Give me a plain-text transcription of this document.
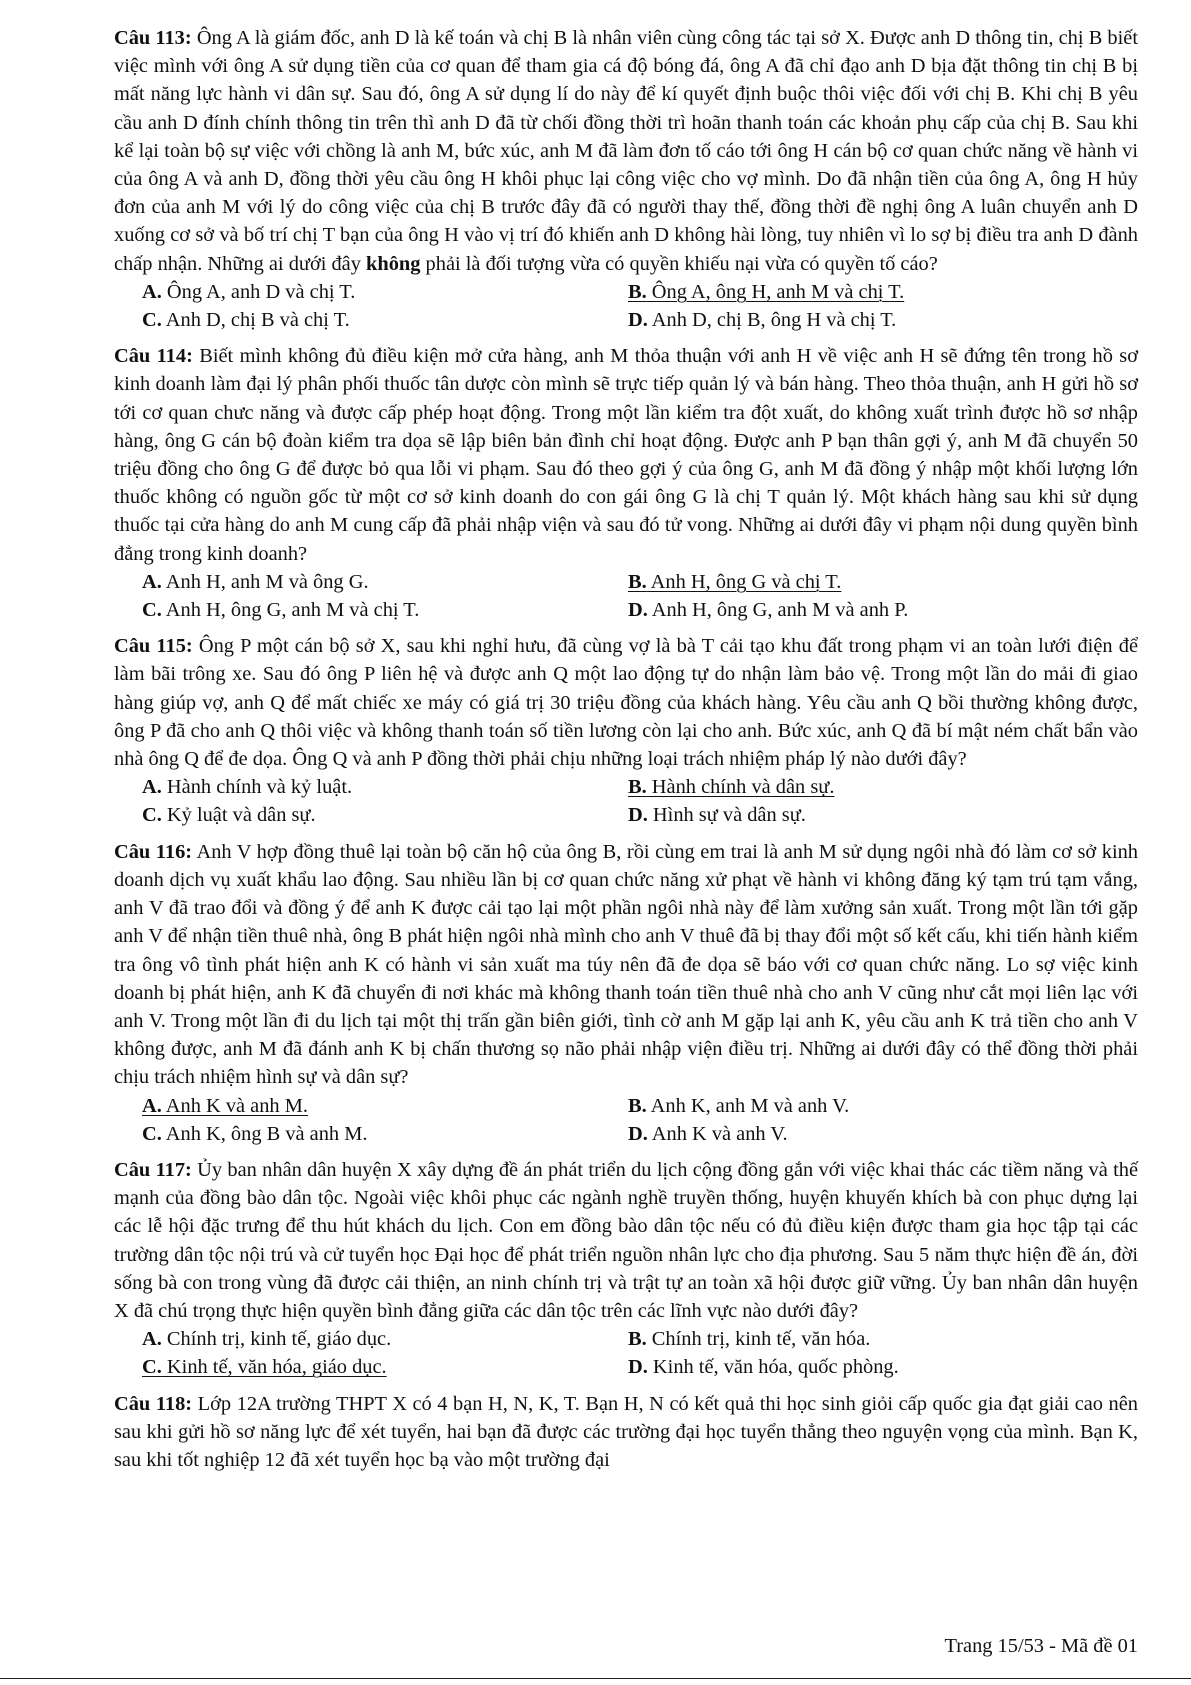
Câu 113: Ông A là giám đốc, anh D là kế toán và chị B là nhân viên cùng công tác tại sở X. Được anh D thông tin, chị B biết việc mình với ông A sử dụng tiền của cơ quan để tham gia cá độ bóng đá, ông A đã chỉ đạo anh D bịa đặt thông tin chị B bị mất năng lực hành vi dân sự. Sau đó, ông A sử dụng lí do này để kí quyết định buộc thôi việc đối với chị B. Khi chị B yêu cầu anh D đính chính thông tin trên thì anh D đã từ chối đồng thời trì hoãn thanh toán các khoản phụ cấp của chị B. Sau khi kể lại toàn bộ sự việc với chồng là anh M, bức xúc, anh M đã làm đơn tố cáo tới ông H cán bộ cơ quan chức năng về hành vi của ông A và anh D, đồng thời yêu cầu ông H khôi phục lại công việc cho vợ mình. Do đã nhận tiền của ông A, ông H hủy đơn của anh M với lý do công việc của chị B trước đây đã có người thay thế, đồng thời đề nghị ông A luân chuyển anh D xuống cơ sở và bố trí chị T bạn của ông H vào vị trí đó khiến anh D không hài lòng, tuy nhiên vì lo sợ bị điều tra anh D đành chấp nhận. Những ai dưới đây không phải là đối tượng vừa có quyền khiếu nại vừa có quyền tố cáo?

A. Ông A, anh D và chị T.	B. Ông A, ông H, anh M và chị T.
C. Anh D, chị B và chị T.	D. Anh D, chị B, ông H và chị T.

Câu 114: Biết mình không đủ điều kiện mở cửa hàng, anh M thỏa thuận với anh H về việc anh H sẽ đứng tên trong hồ sơ kinh doanh làm đại lý phân phối thuốc tân dược còn mình sẽ trực tiếp quản lý và bán hàng. Theo thỏa thuận, anh H gửi hồ sơ tới cơ quan chưc năng và được cấp phép hoạt động. Trong một lần kiểm tra đột xuất, do không xuất trình được hồ sơ nhập hàng, ông G cán bộ đoàn kiểm tra dọa sẽ lập biên bản đình chỉ hoạt động. Được anh P bạn thân gợi ý, anh M đã chuyển 50 triệu đồng cho ông G để được bỏ qua lỗi vi phạm. Sau đó theo gợi ý của ông G, anh M đã đồng ý nhập một khối lượng lớn thuốc không có nguồn gốc từ một cơ sở kinh doanh do con gái ông G là chị T quản lý. Một khách hàng sau khi sử dụng thuốc tại cửa hàng do anh M cung cấp đã phải nhập viện và sau đó tử vong. Những ai dưới đây vi phạm nội dung quyền bình đẳng trong kinh doanh?

A. Anh H, anh M và ông G.	B. Anh H, ông G và chị T.
C. Anh H, ông G, anh M và chị T.	D. Anh H, ông G, anh M và anh P.

Câu 115: Ông P một cán bộ sở X, sau khi nghỉ hưu, đã cùng vợ là bà T cải tạo khu đất trong phạm vi an toàn lưới điện để làm bãi trông xe. Sau đó ông P liên hệ và được anh Q một lao động tự do nhận làm bảo vệ. Trong một lần do mải đi giao hàng giúp vợ, anh Q để mất chiếc xe máy có giá trị 30 triệu đồng của khách hàng. Yêu cầu anh Q bồi thường không được, ông P đã cho anh Q thôi việc và không thanh toán số tiền lương còn lại cho anh. Bức xúc, anh Q đã bí mật ném chất bẩn vào nhà ông Q để đe dọa. Ông Q và anh P đồng thời phải chịu những loại trách nhiệm pháp lý nào dưới đây?

A. Hành chính và kỷ luật.	B. Hành chính và dân sự.
C. Kỷ luật và dân sự.	D. Hình sự và dân sự.

Câu 116: Anh V hợp đồng thuê lại toàn bộ căn hộ của ông B, rồi cùng em trai là anh M sử dụng ngôi nhà đó làm cơ sở kinh doanh dịch vụ xuất khẩu lao động. Sau nhiều lần bị cơ quan chức năng xử phạt về hành vi không đăng ký tạm trú tạm vắng, anh V đã trao đổi và đồng ý để anh K được cải tạo lại một phần ngôi nhà này để làm xưởng sản xuất. Trong một lần tới gặp anh V để nhận tiền thuê nhà, ông B phát hiện ngôi nhà mình cho anh V thuê đã bị thay đổi một số kết cấu, khi tiến hành kiểm tra ông vô tình phát hiện anh K có hành vi sản xuất ma túy nên đã đe dọa sẽ báo với cơ quan chức năng. Lo sợ việc kinh doanh bị phát hiện, anh K đã chuyển đi nơi khác mà không thanh toán tiền thuê nhà cho anh V cũng như cắt mọi liên lạc với anh V. Trong một lần đi du lịch tại một thị trấn gần biên giới, tình cờ anh M gặp lại anh K, yêu cầu anh K trả tiền cho anh V không được, anh M đã đánh anh K bị chấn thương sọ não phải nhập viện điều trị. Những ai dưới đây có thể đồng thời phải chịu trách nhiệm hình sự và dân sự?

A. Anh K và anh M.	B. Anh K, anh M và anh V.
C. Anh K, ông B và anh M.	D. Anh K và anh V.

Câu 117: Ủy ban nhân dân huyện X xây dựng đề án phát triển du lịch cộng đồng gắn với việc khai thác các tiềm năng và thế mạnh của đồng bào dân tộc. Ngoài việc khôi phục các ngành nghề truyền thống, huyện khuyến khích bà con phục dựng lại các lễ hội đặc trưng để thu hút khách du lịch. Con em đồng bào dân tộc nếu có đủ điều kiện được tham gia học tập tại các trường dân tộc nội trú và cử tuyển học Đại học để phát triển nguồn nhân lực cho địa phương. Sau 5 năm thực hiện đề án, đời sống bà con trong vùng đã được cải thiện, an ninh chính trị và trật tự an toàn xã hội được giữ vững. Ủy ban nhân dân huyện X đã chú trọng thực hiện quyền bình đẳng giữa các dân tộc trên các lĩnh vực nào dưới đây?

A. Chính trị, kinh tế, giáo dục.	B. Chính trị, kinh tế, văn hóa.
C. Kinh tế, văn hóa, giáo dục.	D. Kinh tế, văn hóa, quốc phòng.

Câu 118: Lớp 12A trường THPT X có 4 bạn H, N, K, T. Bạn H, N có kết quả thi học sinh giỏi cấp quốc gia đạt giải cao nên sau khi gửi hồ sơ năng lực để xét tuyển, hai bạn đã được các trường đại học tuyển thẳng theo nguyện vọng của mình. Bạn K, sau khi tốt nghiệp 12 đã xét tuyển học bạ vào một trường đại

Trang 15/53 - Mã đề 01
